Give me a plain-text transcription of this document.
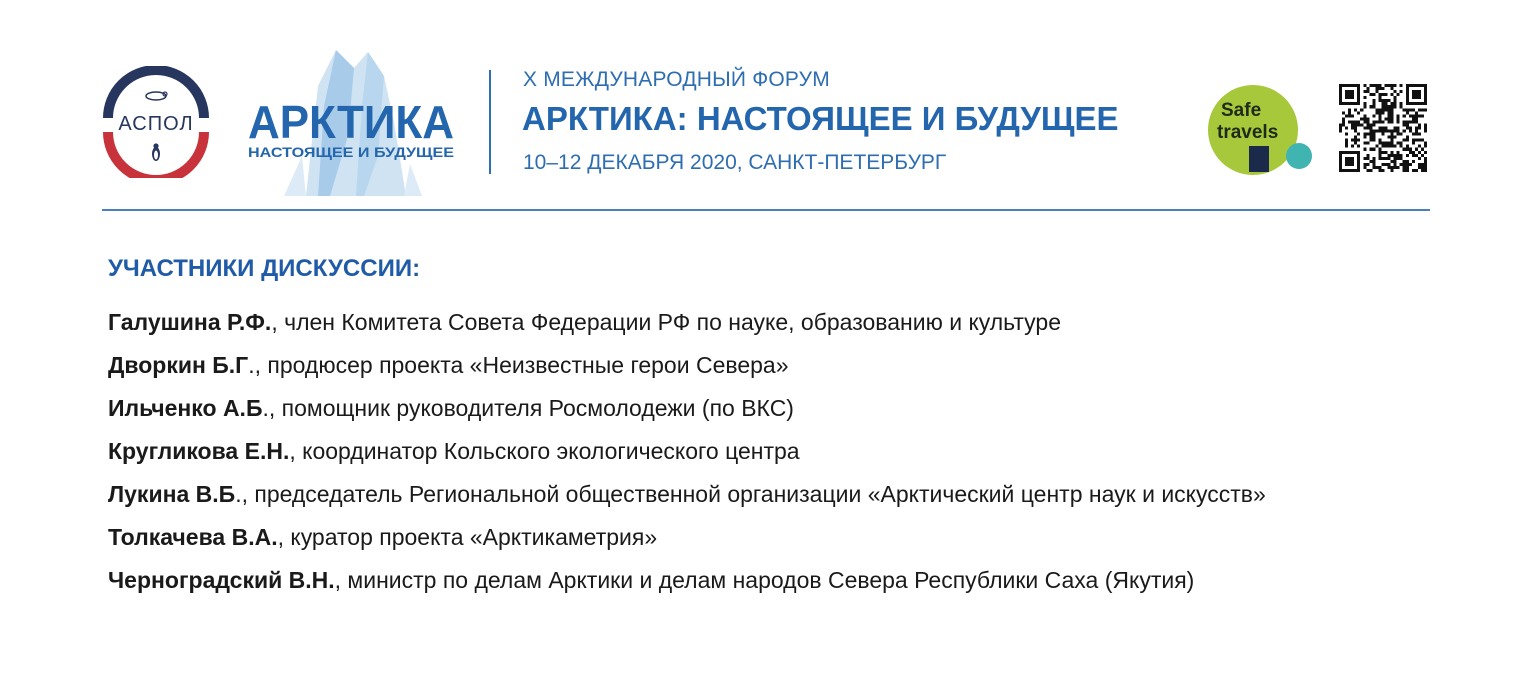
АСПОЛ АРКТИКА
НАСТОЯЩЕЕ И БУДУЩЕЕ
X МЕЖДУНАРОДНЫЙ ФОРУМ
АРКТИКА: НАСТОЯЩЕЕ И БУДУЩЕЕ
10–12 ДЕКАБРЯ 2020, САНКТ-ПЕТЕРБУРГ
Safe
travels
УЧАСТНИКИ ДИСКУССИИ:
Галушина Р.Ф., член Комитета Совета Федерации РФ по науке, образованию и культуре
Дворкин Б.Г., продюсер проекта «Неизвестные герои Севера»
Ильченко А.Б., помощник руководителя Росмолодежи (по ВКС)
Кругликова Е.Н., координатор Кольского экологического центра
Лукина В.Б., председатель Региональной общественной организации «Арктический центр наук и искусств»
Толкачева В.А., куратор проекта «Арктикаметрия»
Черноградский В.Н., министр по делам Арктики и делам народов Севера Республики Саха (Якутия)
